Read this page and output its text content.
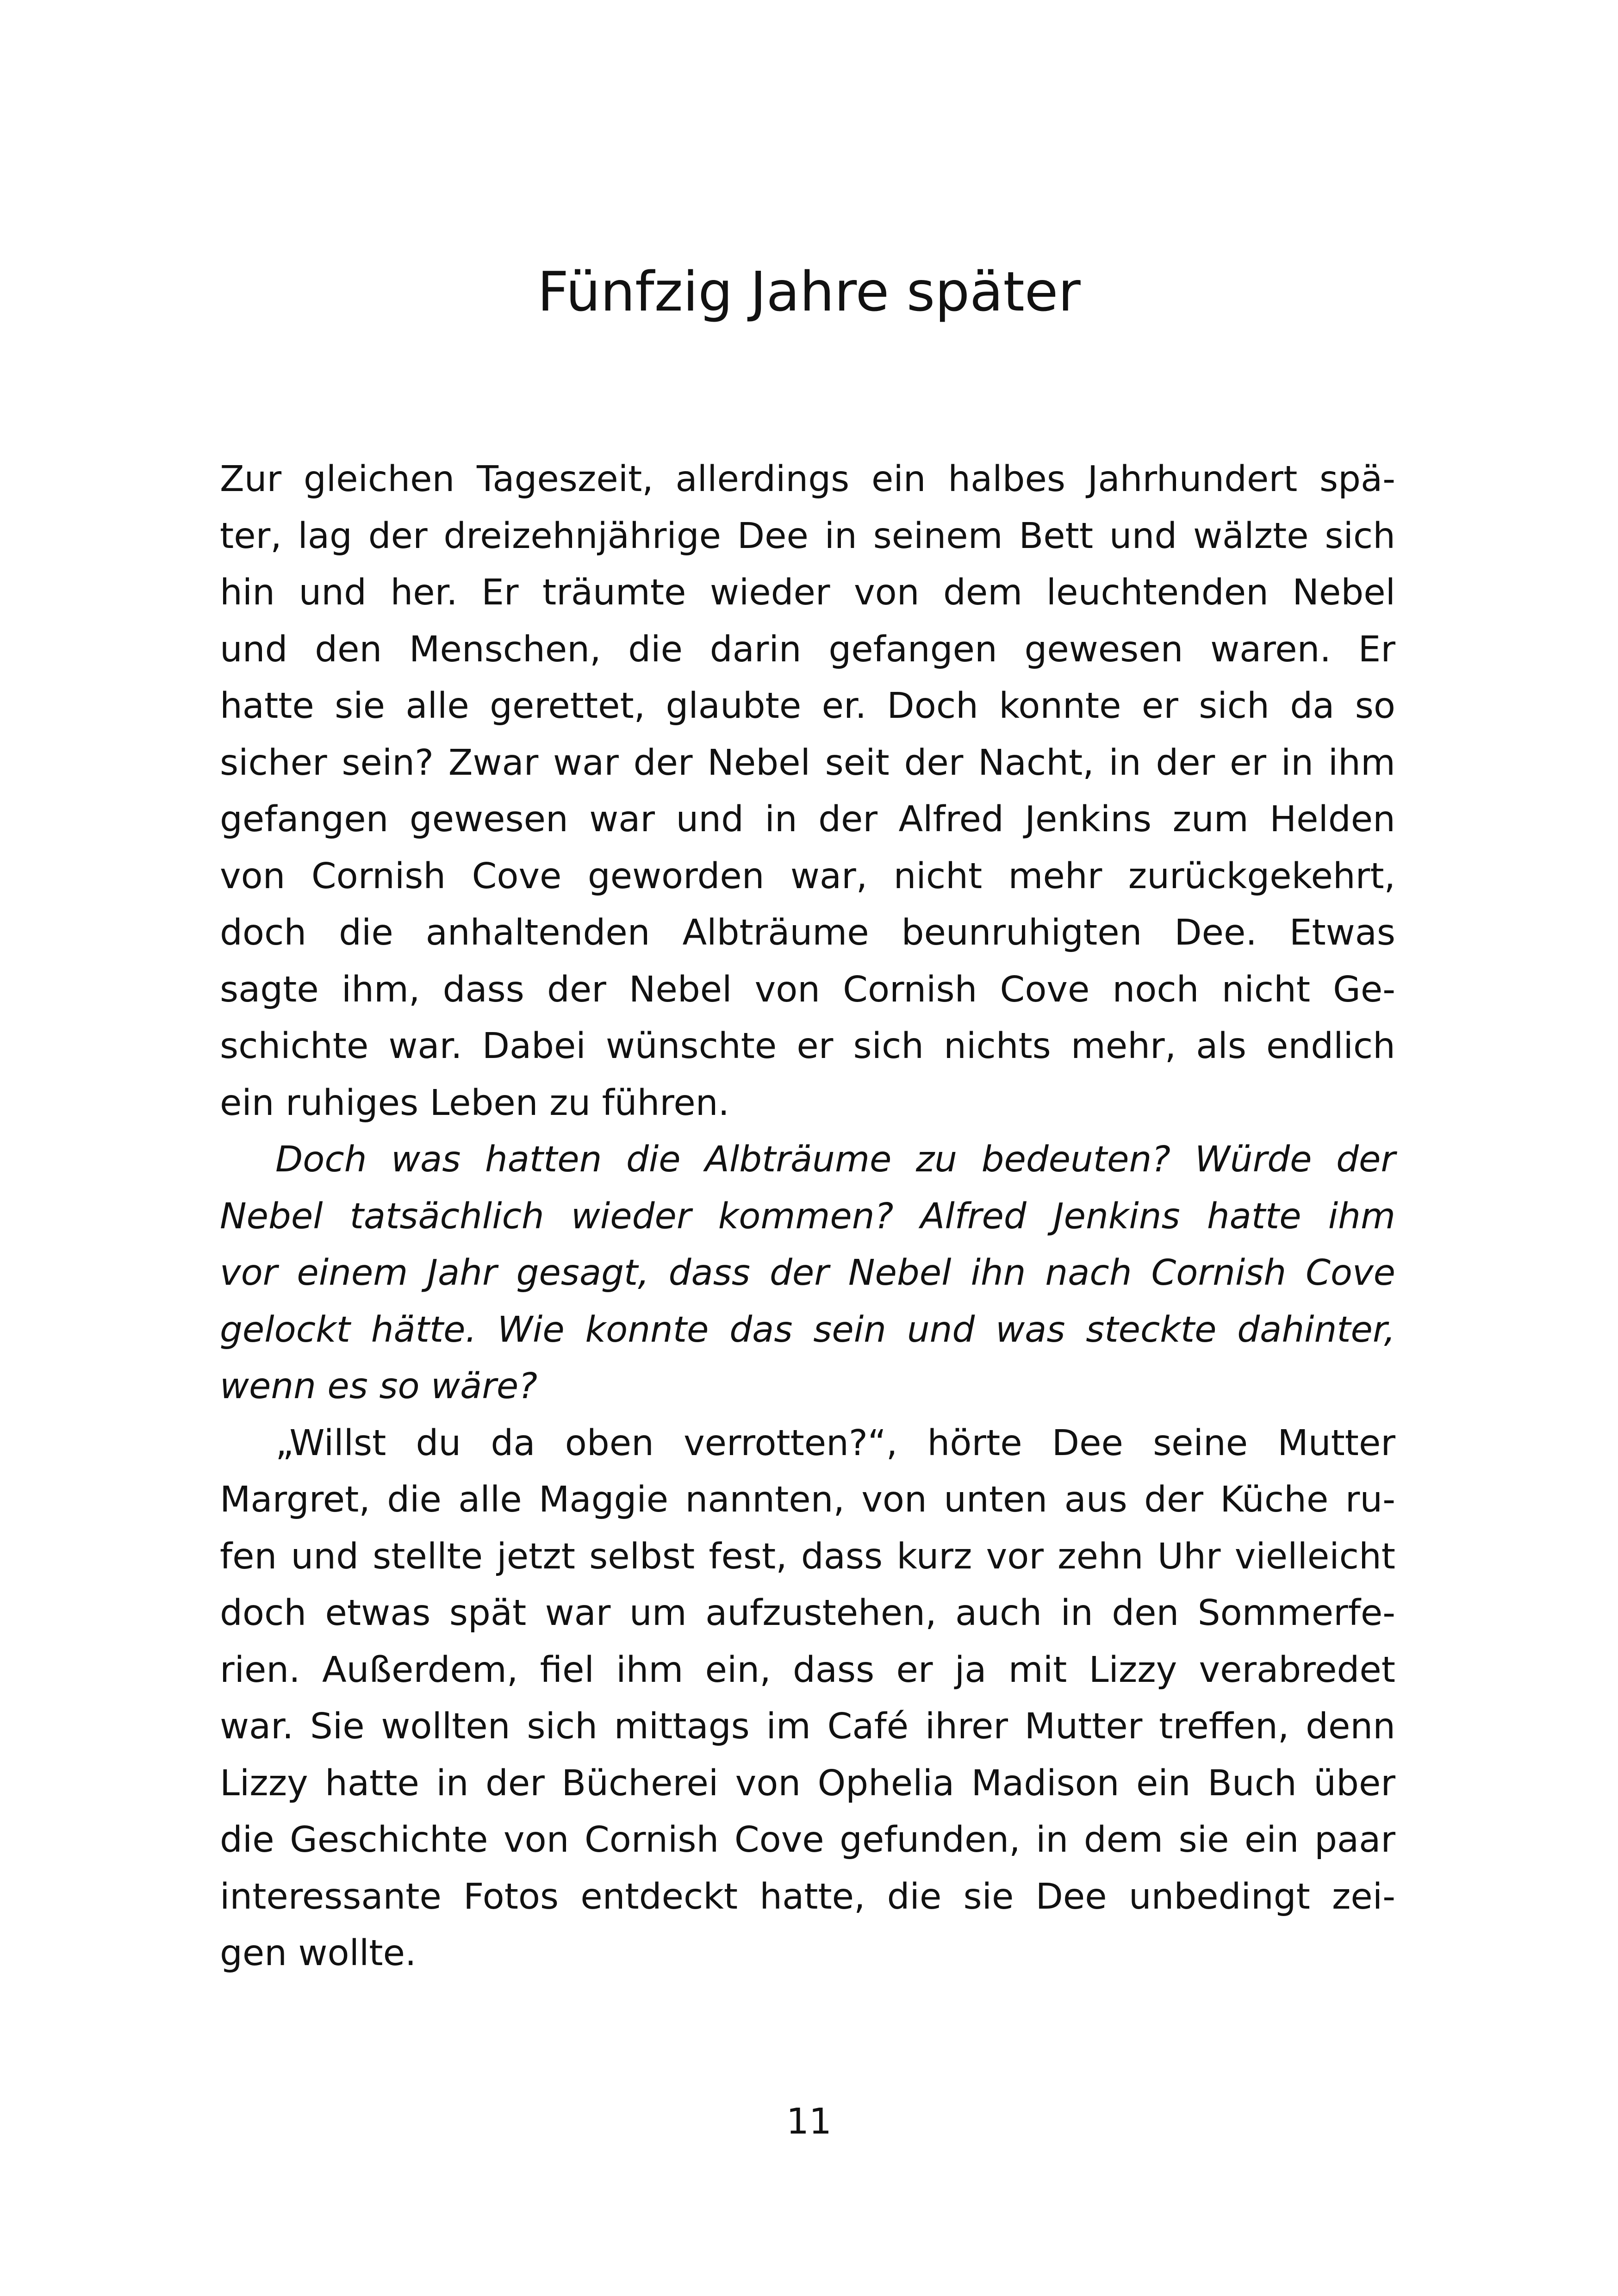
Fünfzig Jahre später
Zur gleichen Tageszeit, allerdings ein halbes Jahrhundert spä-
ter, lag der dreizehnjährige Dee in seinem Bett und wälzte sich
hin und her. Er träumte wieder von dem leuchtenden Nebel
und den Menschen, die darin gefangen gewesen waren. Er
hatte sie alle gerettet, glaubte er. Doch konnte er sich da so
sicher sein? Zwar war der Nebel seit der Nacht, in der er in ihm
gefangen gewesen war und in der Alfred Jenkins zum Helden
von Cornish Cove geworden war, nicht mehr zurückgekehrt,
doch die anhaltenden Albträume beunruhigten Dee. Etwas
sagte ihm, dass der Nebel von Cornish Cove noch nicht Ge-
schichte war. Dabei wünschte er sich nichts mehr, als endlich
ein ruhiges Leben zu führen.
Doch was hatten die Albträume zu bedeuten? Würde der
Nebel tatsächlich wieder kommen? Alfred Jenkins hatte ihm
vor einem Jahr gesagt, dass der Nebel ihn nach Cornish Cove
gelockt hätte. Wie konnte das sein und was steckte dahinter,
wenn es so wäre?
„Willst du da oben verrotten?“, hörte Dee seine Mutter
Margret, die alle Maggie nannten, von unten aus der Küche ru-
fen und stellte jetzt selbst fest, dass kurz vor zehn Uhr vielleicht
doch etwas spät war um aufzustehen, auch in den Sommerfe-
rien. Außerdem, fiel ihm ein, dass er ja mit Lizzy verabredet
war. Sie wollten sich mittags im Café ihrer Mutter treffen, denn
Lizzy hatte in der Bücherei von Ophelia Madison ein Buch über
die Geschichte von Cornish Cove gefunden, in dem sie ein paar
interessante Fotos entdeckt hatte, die sie Dee unbedingt zei-
gen wollte.
11
